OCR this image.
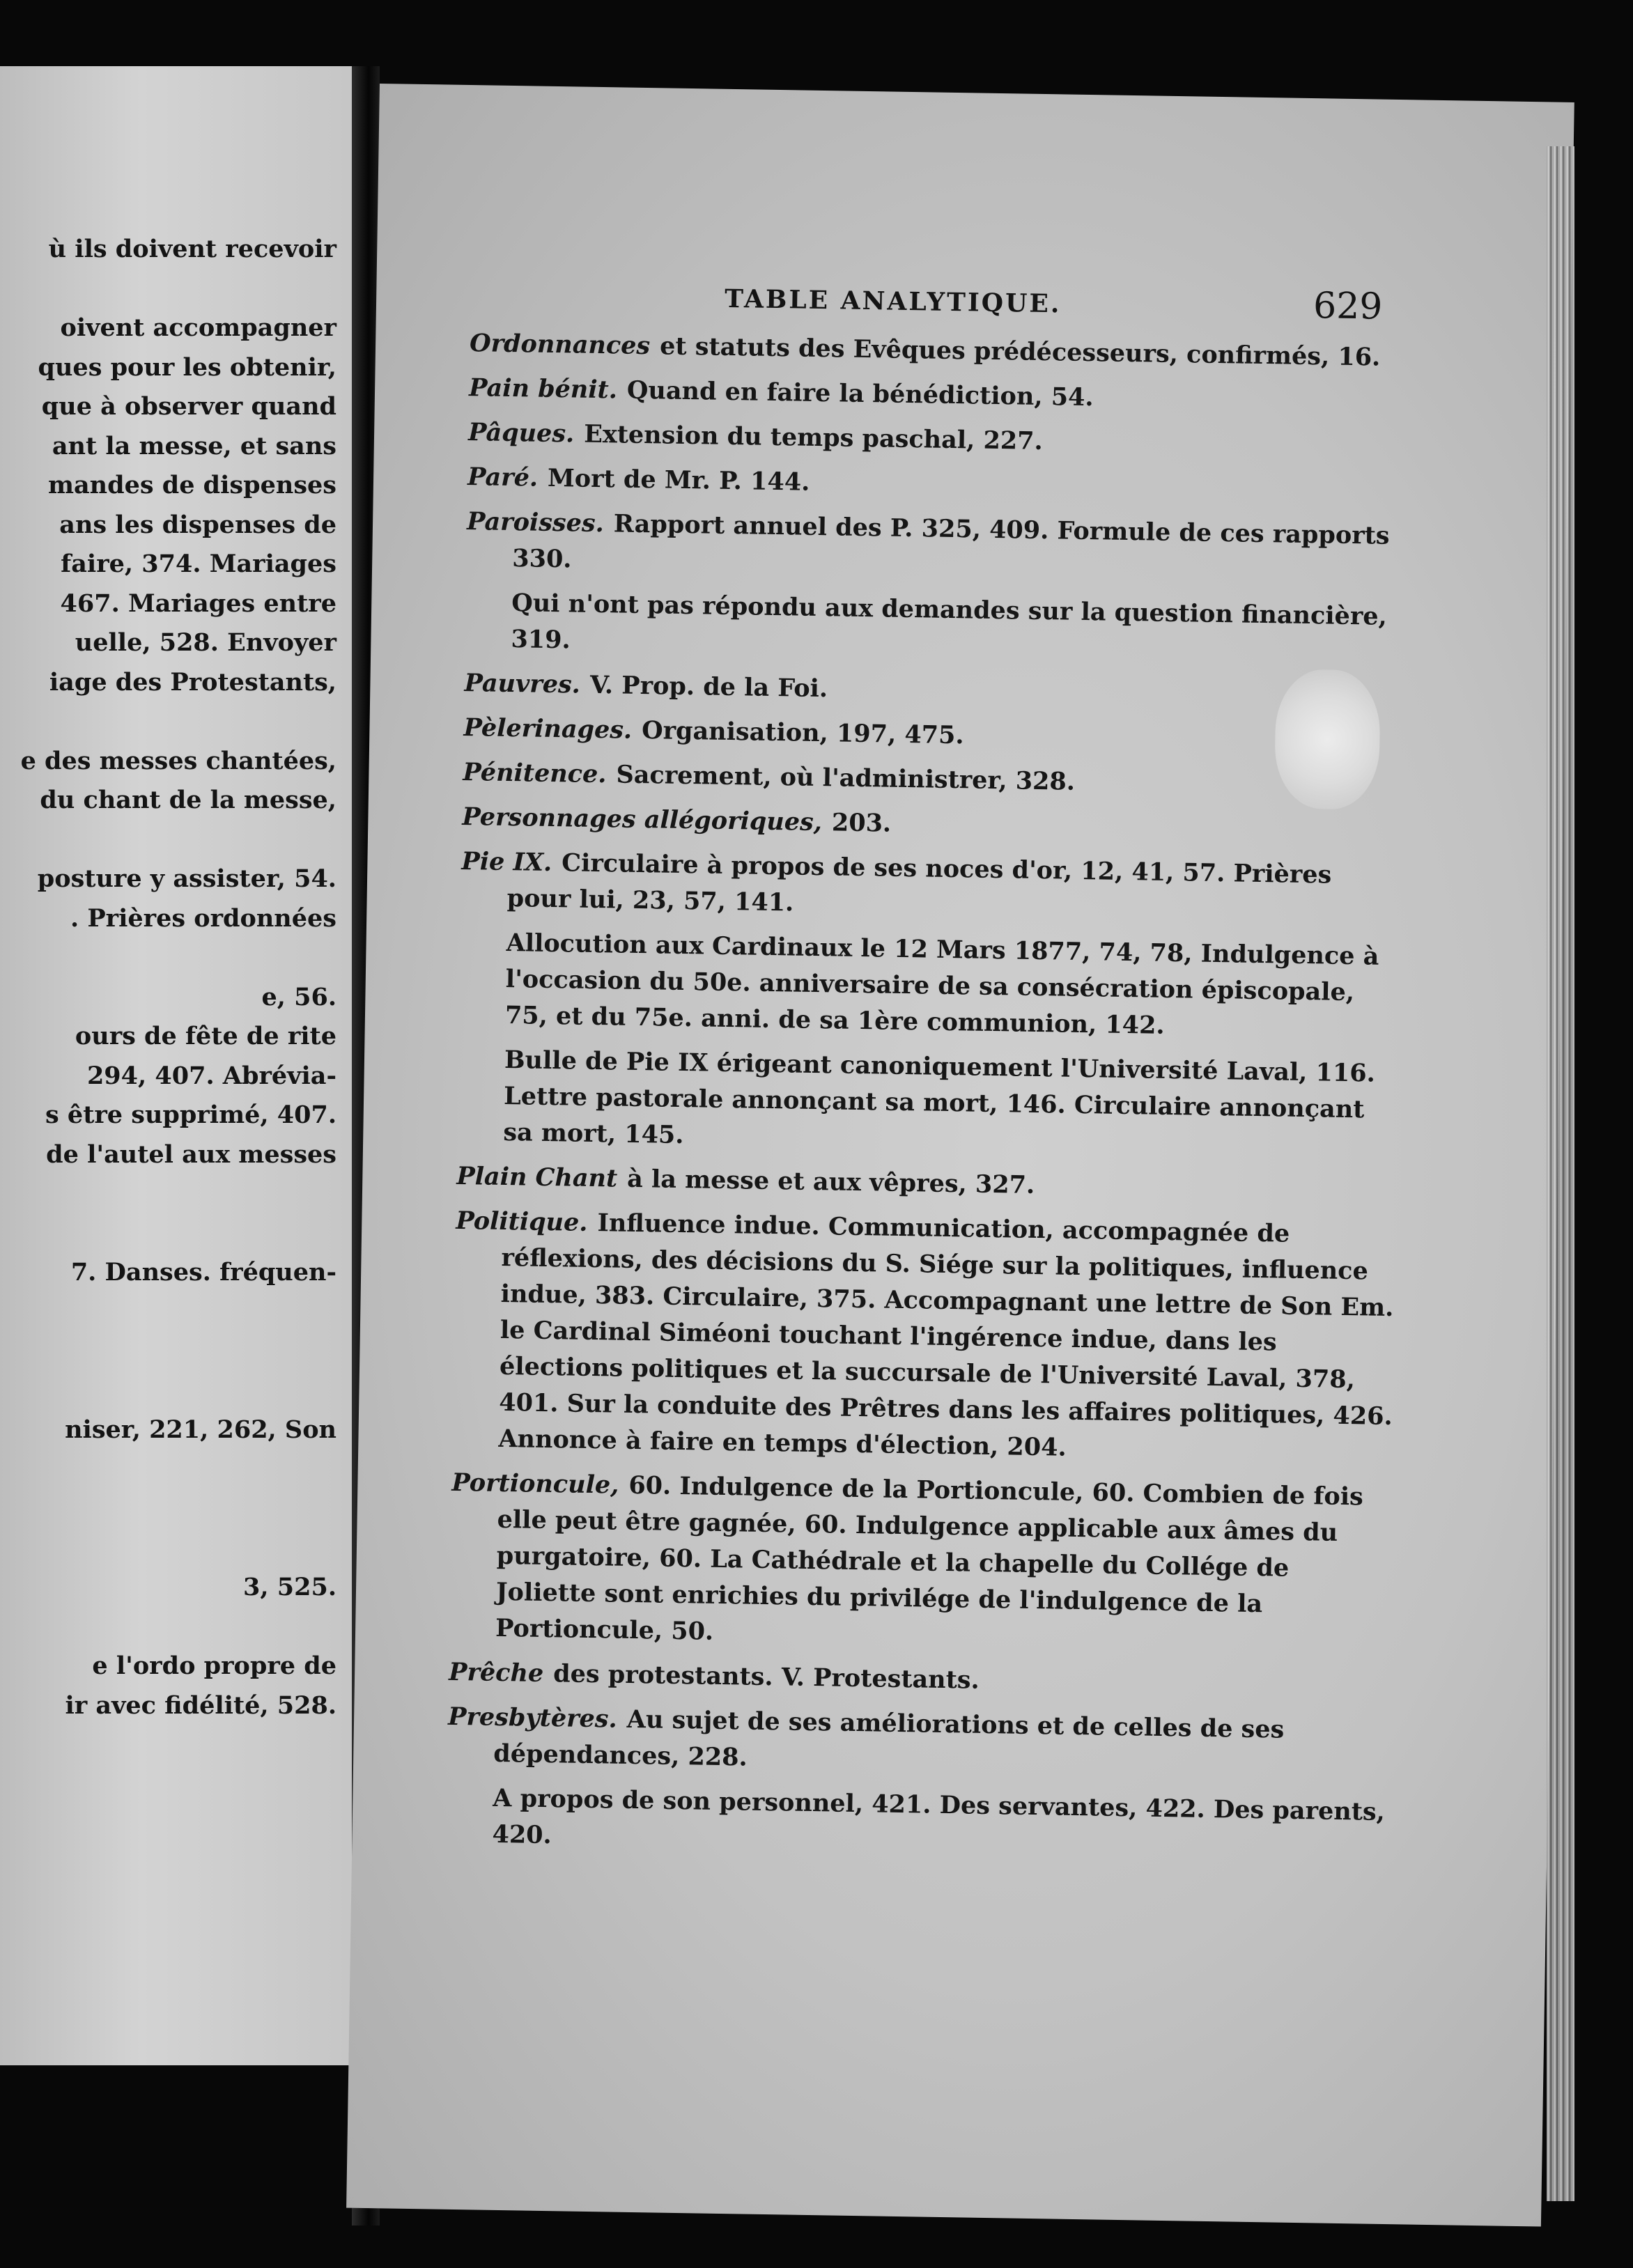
ù ils doivent recevoir
oivent accompagner
ques pour les obtenir,
que à observer quand
ant la messe, et sans
mandes de dispenses
ans les dispenses de
faire, 374. Mariages
467. Mariages entre
uelle, 528. Envoyer
iage des Protestants,
e des messes chantées,
du chant de la messe,
posture y assister, 54.
. Prières ordonnées
e, 56.
ours de fête de rite
294, 407. Abrévia-
s être supprimé, 407.
de l'autel aux messes
7. Danses. fréquen-
niser, 221, 262, Son
3, 525.
e l'ordo propre de
ir avec fidélité, 528.
TABLE ANALYTIQUE.	629
Ordonnances et statuts des Evêques prédécesseurs, confirmés, 16.
Pain bénit. Quand en faire la bénédiction, 54.
Pâques. Extension du temps paschal, 227.
Paré. Mort de Mr. P. 144.
Paroisses. Rapport annuel des P. 325, 409. Formule de ces rapports 330.
Qui n'ont pas répondu aux demandes sur la question financière, 319.
Pauvres. V. Prop. de la Foi.
Pèlerinages. Organisation, 197, 475.
Pénitence. Sacrement, où l'administrer, 328.
Personnages allégoriques, 203.
Pie IX. Circulaire à propos de ses noces d'or, 12, 41, 57. Prières pour lui, 23, 57, 141.
Allocution aux Cardinaux le 12 Mars 1877, 74, 78, Indulgence à l'occasion du 50e. anniversaire de sa consécration épiscopale, 75, et du 75e. anni. de sa 1ère communion, 142.
Bulle de Pie IX érigeant canoniquement l'Université Laval, 116. Lettre pastorale annonçant sa mort, 146. Circulaire annonçant sa mort, 145.
Plain Chant à la messe et aux vêpres, 327.
Politique. Influence indue. Communication, accompagnée de réflexions, des décisions du S. Siége sur la politiques, influence indue, 383. Circulaire, 375. Accompagnant une lettre de Son Em. le Cardinal Siméoni touchant l'ingérence indue, dans les élections politiques et la succursale de l'Université Laval, 378, 401. Sur la conduite des Prêtres dans les affaires politiques, 426. Annonce à faire en temps d'élection, 204.
Portioncule, 60. Indulgence de la Portioncule, 60. Combien de fois elle peut être gagnée, 60. Indulgence applicable aux âmes du purgatoire, 60. La Cathédrale et la chapelle du Collége de Joliette sont enrichies du privilége de l'indulgence de la Portioncule, 50.
Prêche des protestants. V. Protestants.
Presbytères. Au sujet de ses améliorations et de celles de ses dépendances, 228.
A propos de son personnel, 421. Des servantes, 422. Des parents, 420.
